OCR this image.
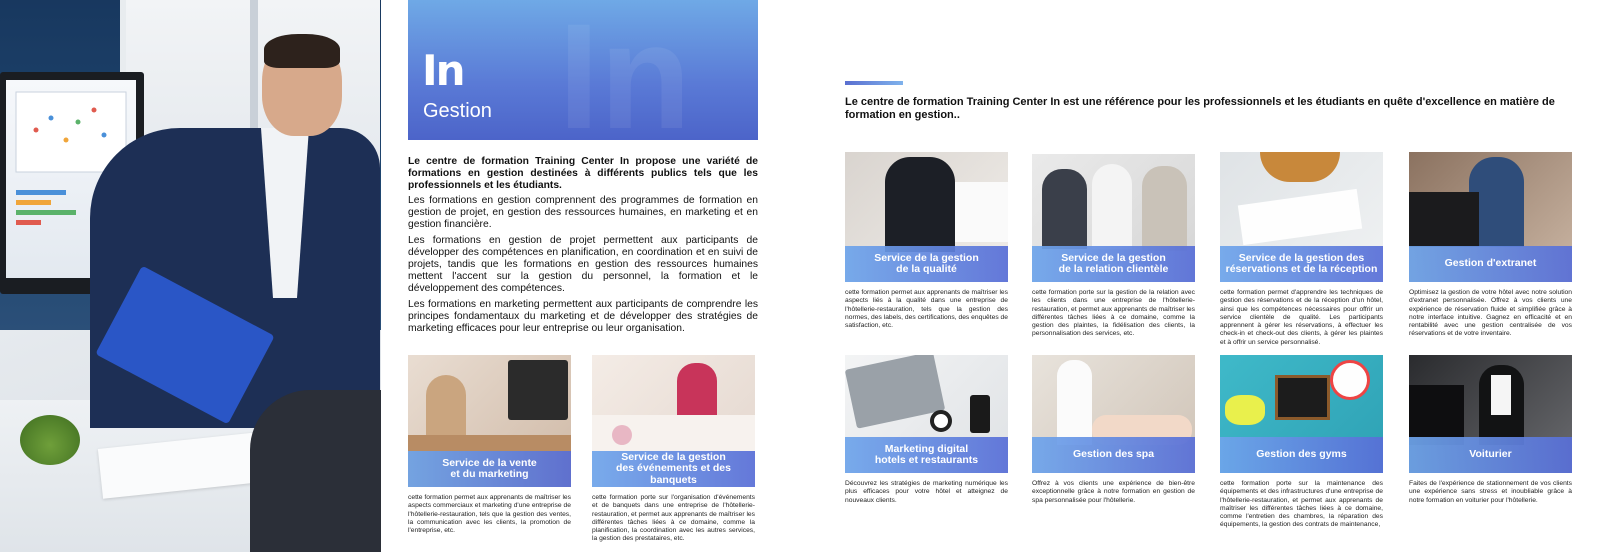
In
In
Gestion

Le centre de formation Training Center In propose une variété de formations en gestion destinées à différents publics tels que les professionnels et les étudiants.

Les formations en gestion comprennent des programmes de formation en gestion de projet, en gestion des ressources humaines, en marketing et en gestion financière.

Les formations en gestion de projet permettent aux participants de développer des compétences en planification, en coordination et en suivi de projets, tandis que les formations en gestion des ressources humaines mettent l'accent sur la gestion du personnel, la formation et le développement des compétences.

Les formations en marketing permettent aux participants de comprendre les principes fondamentaux du marketing et de développer des stratégies de marketing efficaces pour leur entreprise ou leur organisation.

Service de la vente
et du marketing
cette formation permet aux apprenants de maîtriser les aspects commerciaux et marketing d'une entreprise de l'hôtellerie-restauration, tels que la gestion des ventes, la communication avec les clients, la promotion de l'entreprise, etc.
Service de la gestion
des événements et des banquets
cette formation porte sur l'organisation d'événements et de banquets dans une entreprise de l'hôtellerie-restauration, et permet aux apprenants de maîtriser les différentes tâches liées à ce domaine, comme la planification, la coordination avec les autres services, la gestion des prestataires, etc.
Le centre de formation Training Center In est une référence pour les professionnels et les étudiants en quête d'excellence en matière de formation en gestion..
Service de la gestion
de la qualité
cette formation permet aux apprenants de maîtriser les aspects liés à la qualité dans une entreprise de l'hôtellerie-restauration, tels que la gestion des normes, des labels, des certifications, des enquêtes de satisfaction, etc.
Service de la gestion
de la relation clientèle
cette formation porte sur la gestion de la relation avec les clients dans une entreprise de l'hôtellerie-restauration, et permet aux apprenants de maîtriser les différentes tâches liées à ce domaine, comme la gestion des plaintes, la fidélisation des clients, la personnalisation des services, etc.
Service de la gestion des
réservations et de la réception
cette formation permet d'apprendre les techniques de gestion des réservations et de la réception d'un hôtel, ainsi que les compétences nécessaires pour offrir un service clientèle de qualité. Les participants apprennent à gérer les réservations, à effectuer les check-in et check-out des clients, à gérer les plaintes et à offrir un service personnalisé.
Gestion d'extranet
Optimisez la gestion de votre hôtel avec notre solution d'extranet personnalisée. Offrez à vos clients une expérience de réservation fluide et simplifiée grâce à notre interface intuitive. Gagnez en efficacité et en rentabilité avec une gestion centralisée de vos réservations et de votre inventaire.
Marketing digital
hotels et restaurants
Découvrez les stratégies de marketing numérique les plus efficaces pour votre hôtel et atteignez de nouveaux clients.
Gestion des spa
Offrez à vos clients une expérience de bien-être exceptionnelle grâce à notre formation en gestion de spa personnalisée pour l'hôtellerie.
Gestion des gyms
cette formation porte sur la maintenance des équipements et des infrastructures d'une entreprise de l'hôtellerie-restauration, et permet aux apprenants de maîtriser les différentes tâches liées à ce domaine, comme l'entretien des chambres, la réparation des équipements, la gestion des contrats de maintenance,
Voiturier
Faites de l'expérience de stationnement de vos clients une expérience sans stress et inoubliable grâce à notre formation en voiturier pour l'hôtellerie.
